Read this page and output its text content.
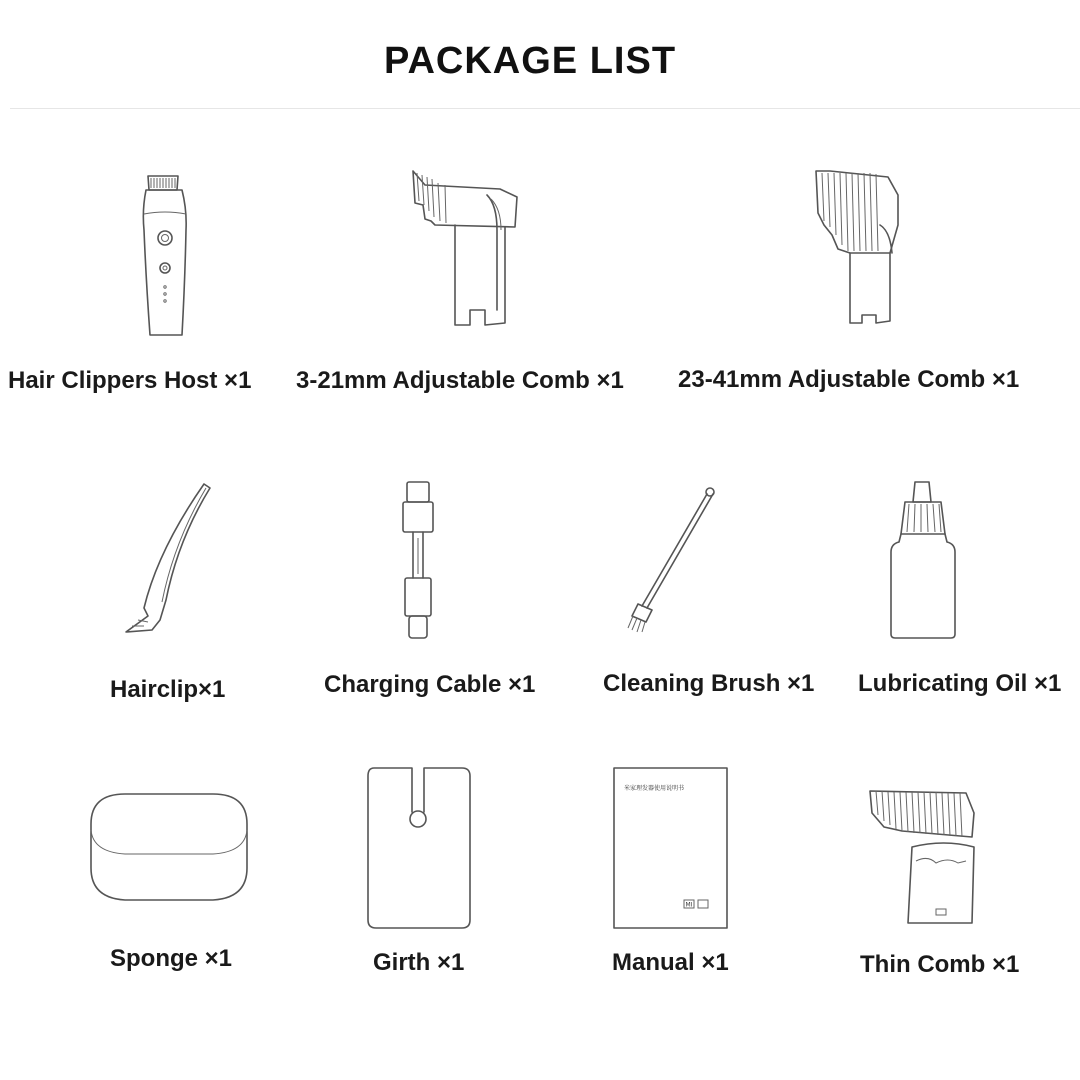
PACKAGE LIST
Hair Clippers Host ×1 3-21mm Adjustable Comb ×1 23-41mm Adjustable Comb ×1
Hairclip×1	Charging Cable ×1	Cleaning Brush ×1 Lubricating Oil ×1
Sponge ×1	Girth ×1
米家理发器使用说明书
MI
Manual ×1	Thin Comb ×1
